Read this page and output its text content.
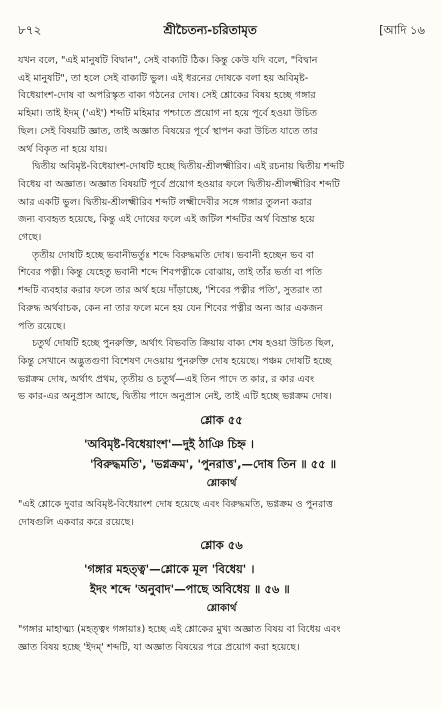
৮৭২	শ্রীচৈতন্য-চরিতামৃত	[আদি ১৬

যখন বলে, "এই মানুষটি বিদ্বান", সেই বাক্যটি ঠিক। কিন্তু কেউ যদি বলে, "বিদ্বান

এই মানুষটি", তা হলে সেই বাক্যটি ভুল। এই ধরনের দোষকে বলা হয় অবিমৃষ্ট-

বিধেয়াংশ-দোষ বা অপরিস্কৃত বাক্য গঠনের দোষ। সেই শ্লোকের বিষয় হচ্ছে গঙ্গার

মহিমা। তাই ইদম্ ('এই') শব্দটি মহিমার পশ্চাতে প্রয়োগ না হয়ে পূর্বে হওয়া উচিত

ছিল। সেই বিষয়টি জ্ঞাত, তাই অজ্ঞাত বিষয়ের পূর্বে স্থাপন করা উচিত যাতে তার

অর্থ বিকৃত না হয়ে যায়।

দ্বিতীয় অবিমৃষ্ট-বিধেয়াংশ-দোষটি হচ্ছে দ্বিতীয়-শ্রীলক্ষ্মীরিব। এই রচনায় দ্বিতীয় শব্দটি

বিধেয় বা অজ্ঞাত। অজ্ঞাত বিষয়টি পূর্বে প্রয়োগ হওয়ার ফলে দ্বিতীয়-শ্রীলক্ষ্মীরিব শব্দটি

আর একটি ভুল। দ্বিতীয়-শ্রীলক্ষ্মীরিব শব্দটি লক্ষ্মীদেবীর সঙ্গে গঙ্গার তুলনা করার

জন্য ব্যবহৃত হয়েছে, কিন্তু এই দোষের ফলে এই জটিল শব্দটির অর্থ বিভ্রান্ত হয়ে

গেছে।

তৃতীয় দোষটি হচ্ছে ভবানীভর্তুঃ শব্দে বিরুদ্ধমতি দোষ। ভবানী হচ্ছেন ভব বা

শিবের পত্নী। কিন্তু যেহেতু ভবানী শব্দে শিবপত্নীকে বোঝায়, তাই তাঁর ভর্তা বা পতি

শব্দটি ব্যবহার করার ফলে তার অর্থ হয়ে দাঁড়াচ্ছে, 'শিবের পত্নীর পতি', সুতরাং তা

বিরুদ্ধ অর্থবাচক, কেন না তার ফলে মনে হয় যেন শিবের পত্নীর অন্য আর একজন

পতি রয়েছে।

চতুর্থ দোষটি হচ্ছে পুনরুক্তি, অর্থাৎ বিভবতি ক্রিয়ায় বাক্য শেষ হওয়া উচিত ছিল,

কিন্তু সেখানে অদ্ভুতগুণা বিশেষণ দেওয়ায় পুনরুক্তি দোষ হয়েছে। পঞ্চম দোষটি হচ্ছে

ভগ্নক্রম দোষ, অর্থাৎ প্রথম, তৃতীয় ও চতুর্থ—এই তিন পাদে ত কার, র কার এবং

ভ কার-এর অনুপ্রাস আছে, দ্বিতীয় পাদে অনুপ্রাস নেই, তাই এটি হচ্ছে ভগ্নক্রম দোষ।

শ্লোক ৫৫
'অবিমৃষ্ট-বিধেয়াংশ'—দুই ঠাঞি চিহ্ন ।
'বিরুদ্ধমতি', 'ভগ্নক্রম', 'পুনরাত্ত',—দোষ তিন ॥ ৫৫ ॥
শ্লোকার্থ

"এই শ্লোকে দুবার অবিমৃষ্ট-বিধেয়াংশ দোষ হয়েছে এবং বিরুদ্ধমতি, ভগ্নক্রম ও পুনরাত্ত

দোষগুলি একবার করে রয়েছে।

শ্লোক ৫৬
'গঙ্গার মহত্ত্ব'—শ্লোকে মূল 'বিধেয়' ।
ইদং শব্দে 'অনুবাদ'—পাছে অবিধেয় ॥ ৫৬ ॥
শ্লোকার্থ

"গঙ্গার মাহাত্ম্য (মহত্ত্বং গঙ্গায়াঃ) হচ্ছে এই শ্লোকের মুখ্য অজ্ঞাত বিষয় বা বিধেয় এবং

জ্ঞাত বিষয় হচ্ছে 'ইদম্' শব্দটি, যা অজ্ঞাত বিষয়ের পরে প্রয়োগ করা হয়েছে।
